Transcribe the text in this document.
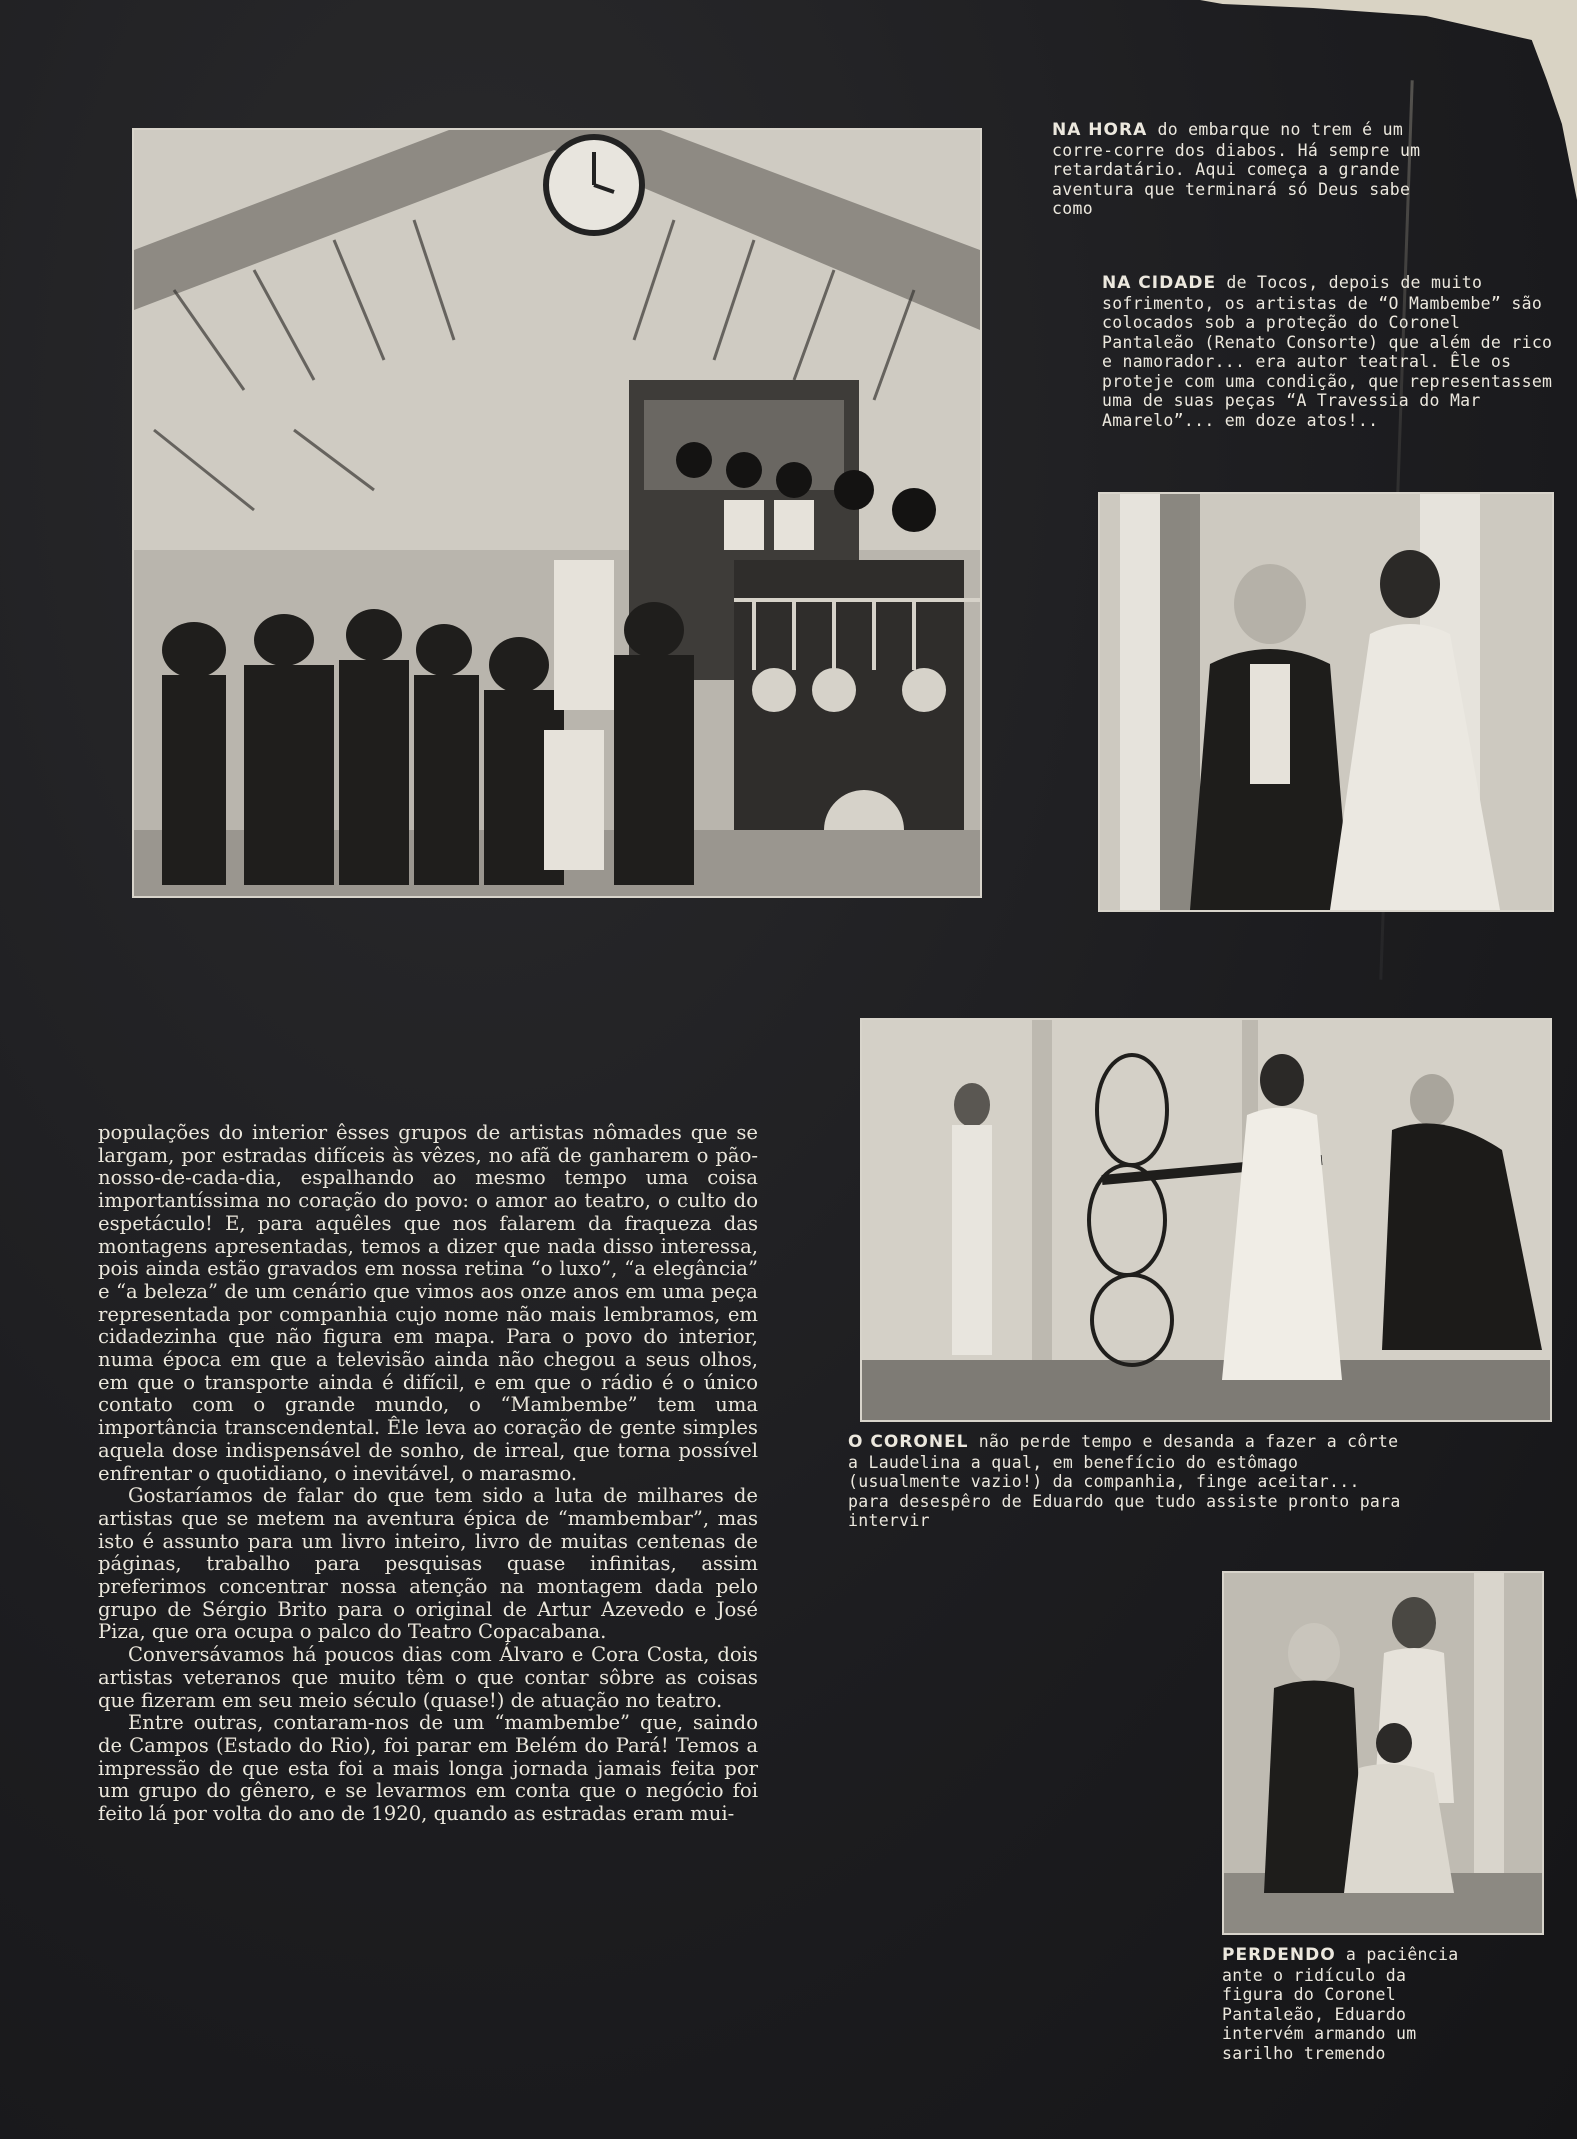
NA HORA do embarque no trem é um corre-corre dos diabos. Há sempre um retardatário. Aqui começa a grande aventura que terminará só Deus sabe como

NA CIDADE de Tocos, depois de muito sofrimento, os artistas de “O Mambembe” são colocados sob a proteção do Coronel Pantaleão (Renato Consorte) que além de rico e namorador... era autor teatral. Êle os proteje com uma condição, que representassem uma de suas peças “A Travessia do Mar Amarelo”... em doze atos!..

O CORONEL não perde tempo e desanda a fazer a côrte a Laudelina a qual, em benefício do estômago (usualmente vazio!) da companhia, finge aceitar... para desespêro de Eduardo que tudo assiste pronto para intervir

PERDENDO a paciência ante o ridículo da figura do Coronel Pantaleão, Eduardo intervém armando um sarilho tremendo

populações do interior êsses grupos de artistas nômades que se largam, por estradas difíceis às vêzes, no afã de ganharem o pão-nosso-de-cada-dia, espalhando ao mesmo tempo uma coisa importantíssima no coração do povo: o amor ao teatro, o culto do espetáculo! E, para aquêles que nos falarem da fraqueza das montagens apresentadas, temos a dizer que nada disso interessa, pois ainda estão gravados em nossa retina “o luxo”, “a elegância” e “a beleza” de um cenário que vimos aos onze anos em uma peça representada por companhia cujo nome não mais lembramos, em cidadezinha que não figura em mapa. Para o povo do interior, numa época em que a televisão ainda não chegou a seus olhos, em que o transporte ainda é difícil, e em que o rádio é o único contato com o grande mundo, o “Mambembe” tem uma importância transcendental. Êle leva ao coração de gente simples aquela dose indispensável de sonho, de irreal, que torna possível enfrentar o quotidiano, o inevitável, o marasmo.

Gostaríamos de falar do que tem sido a luta de milhares de artistas que se metem na aventura épica de “mambembar”, mas isto é assunto para um livro inteiro, livro de muitas centenas de páginas, trabalho para pesquisas quase infinitas, assim preferimos concentrar nossa atenção na montagem dada pelo grupo de Sérgio Brito para o original de Artur Azevedo e José Piza, que ora ocupa o palco do Teatro Copacabana.

Conversávamos há poucos dias com Álvaro e Cora Costa, dois artistas veteranos que muito têm o que contar sôbre as coisas que fizeram em seu meio século (quase!) de atuação no teatro.

Entre outras, contaram-nos de um “mambembe” que, saindo de Campos (Estado do Rio), foi parar em Belém do Pará! Temos a impressão de que esta foi a mais longa jornada jamais feita por um grupo do gênero, e se levarmos em conta que o negócio foi feito lá por volta do ano de 1920, quando as estradas eram mui-
